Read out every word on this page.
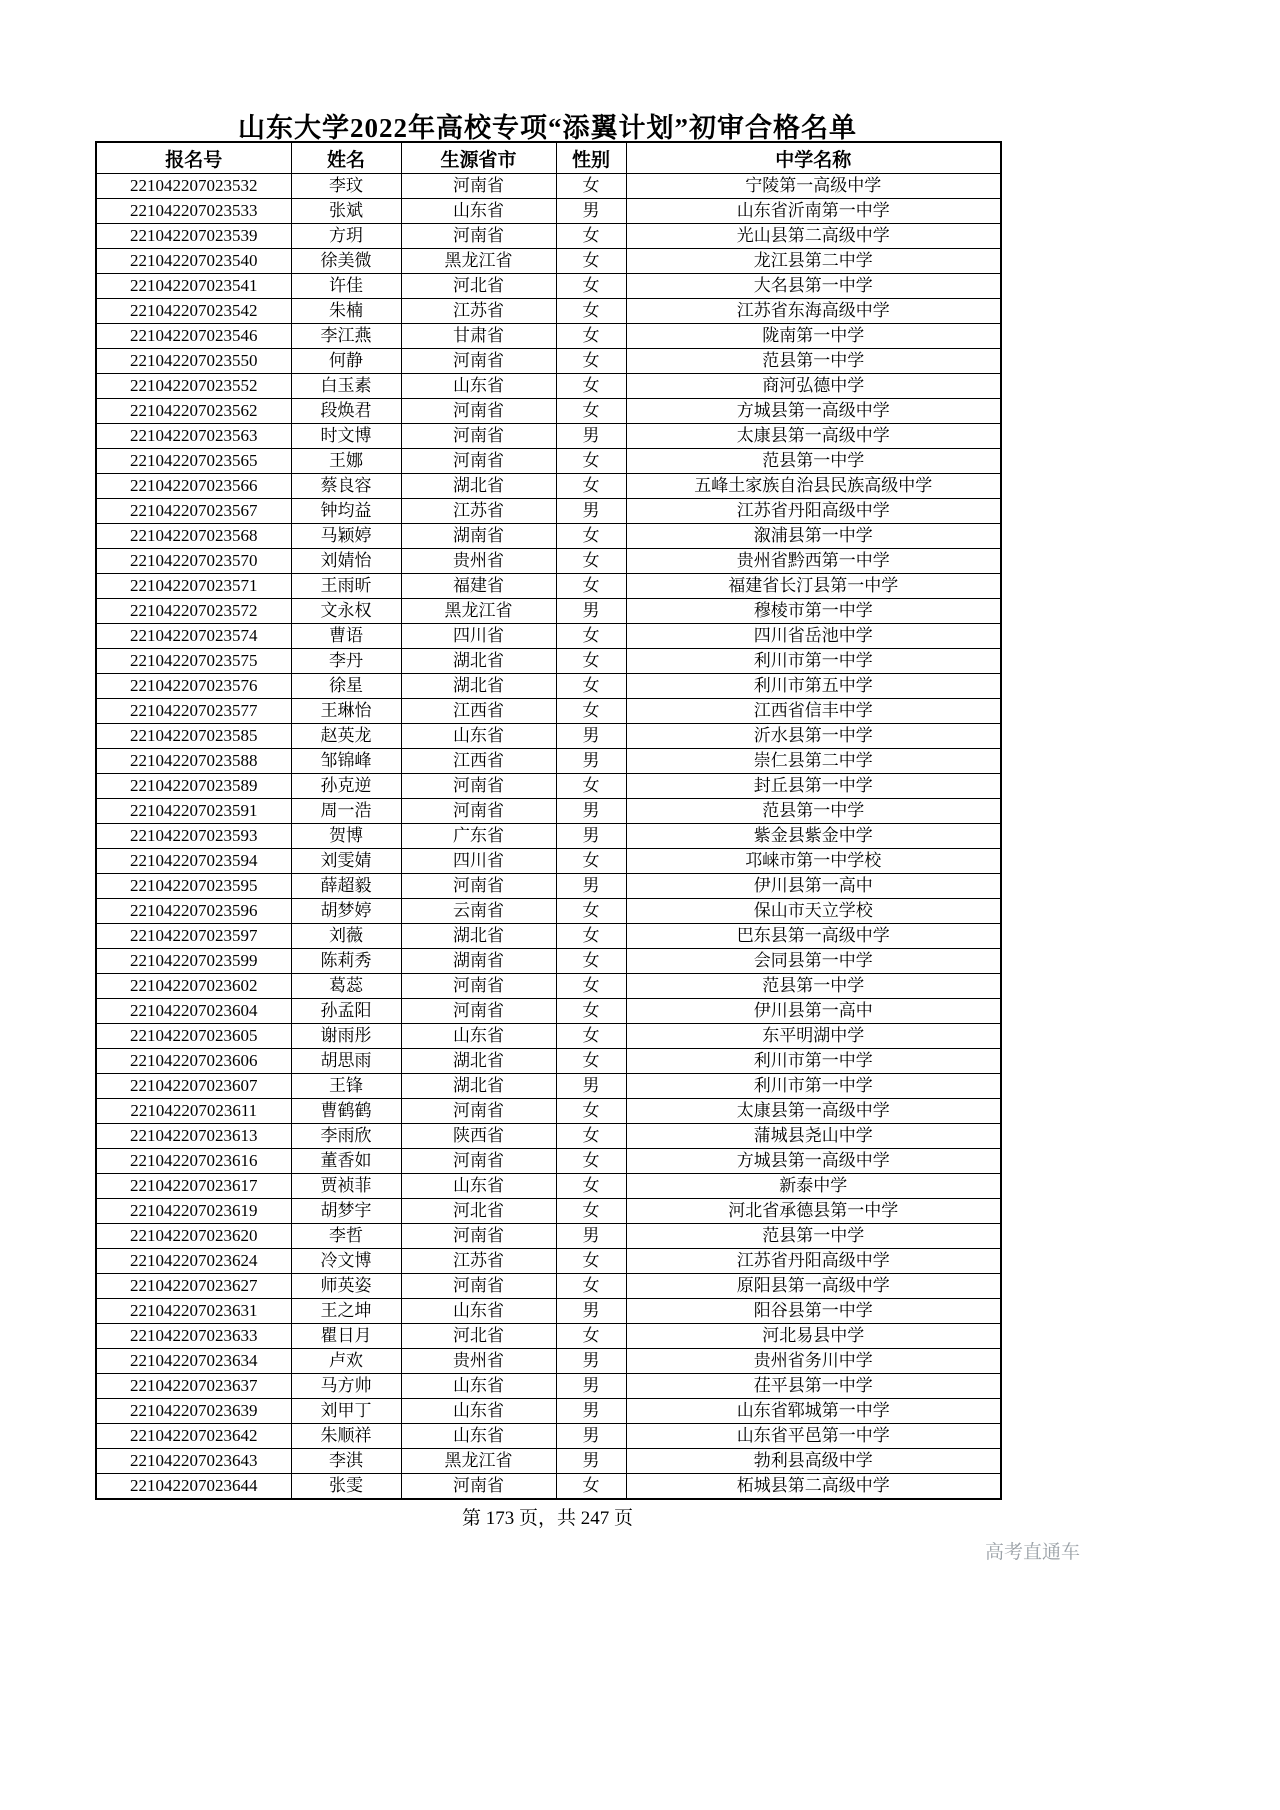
山东大学2022年高校专项“添翼计划”初审合格名单
报名号	姓名	生源省市	性别	中学名称
221042207023532	李玟	河南省	女	宁陵第一高级中学
221042207023533	张斌	山东省	男	山东省沂南第一中学
221042207023539	方玥	河南省	女	光山县第二高级中学
221042207023540	徐美微	黑龙江省	女	龙江县第二中学
221042207023541	许佳	河北省	女	大名县第一中学
221042207023542	朱楠	江苏省	女	江苏省东海高级中学
221042207023546	李江燕	甘肃省	女	陇南第一中学
221042207023550	何静	河南省	女	范县第一中学
221042207023552	白玉素	山东省	女	商河弘德中学
221042207023562	段焕君	河南省	女	方城县第一高级中学
221042207023563	时文博	河南省	男	太康县第一高级中学
221042207023565	王娜	河南省	女	范县第一中学
221042207023566	蔡良容	湖北省	女	五峰土家族自治县民族高级中学
221042207023567	钟均益	江苏省	男	江苏省丹阳高级中学
221042207023568	马颖婷	湖南省	女	溆浦县第一中学
221042207023570	刘婧怡	贵州省	女	贵州省黔西第一中学
221042207023571	王雨昕	福建省	女	福建省长汀县第一中学
221042207023572	文永权	黑龙江省	男	穆棱市第一中学
221042207023574	曹语	四川省	女	四川省岳池中学
221042207023575	李丹	湖北省	女	利川市第一中学
221042207023576	徐星	湖北省	女	利川市第五中学
221042207023577	王琳怡	江西省	女	江西省信丰中学
221042207023585	赵英龙	山东省	男	沂水县第一中学
221042207023588	邹锦峰	江西省	男	崇仁县第二中学
221042207023589	孙克逆	河南省	女	封丘县第一中学
221042207023591	周一浩	河南省	男	范县第一中学
221042207023593	贺博	广东省	男	紫金县紫金中学
221042207023594	刘雯婧	四川省	女	邛崃市第一中学校
221042207023595	薛超毅	河南省	男	伊川县第一高中
221042207023596	胡梦婷	云南省	女	保山市天立学校
221042207023597	刘薇	湖北省	女	巴东县第一高级中学
221042207023599	陈莉秀	湖南省	女	会同县第一中学
221042207023602	葛蕊	河南省	女	范县第一中学
221042207023604	孙孟阳	河南省	女	伊川县第一高中
221042207023605	谢雨彤	山东省	女	东平明湖中学
221042207023606	胡思雨	湖北省	女	利川市第一中学
221042207023607	王锋	湖北省	男	利川市第一中学
221042207023611	曹鹤鹤	河南省	女	太康县第一高级中学
221042207023613	李雨欣	陕西省	女	蒲城县尧山中学
221042207023616	董香如	河南省	女	方城县第一高级中学
221042207023617	贾祯菲	山东省	女	新泰中学
221042207023619	胡梦宇	河北省	女	河北省承德县第一中学
221042207023620	李哲	河南省	男	范县第一中学
221042207023624	冷文博	江苏省	女	江苏省丹阳高级中学
221042207023627	师英姿	河南省	女	原阳县第一高级中学
221042207023631	王之坤	山东省	男	阳谷县第一中学
221042207023633	瞿日月	河北省	女	河北易县中学
221042207023634	卢欢	贵州省	男	贵州省务川中学
221042207023637	马方帅	山东省	男	茌平县第一中学
221042207023639	刘甲丁	山东省	男	山东省郓城第一中学
221042207023642	朱顺祥	山东省	男	山东省平邑第一中学
221042207023643	李淇	黑龙江省	男	勃利县高级中学
221042207023644	张雯	河南省	女	柘城县第二高级中学
第 173 页，共 247 页
高考直通车
